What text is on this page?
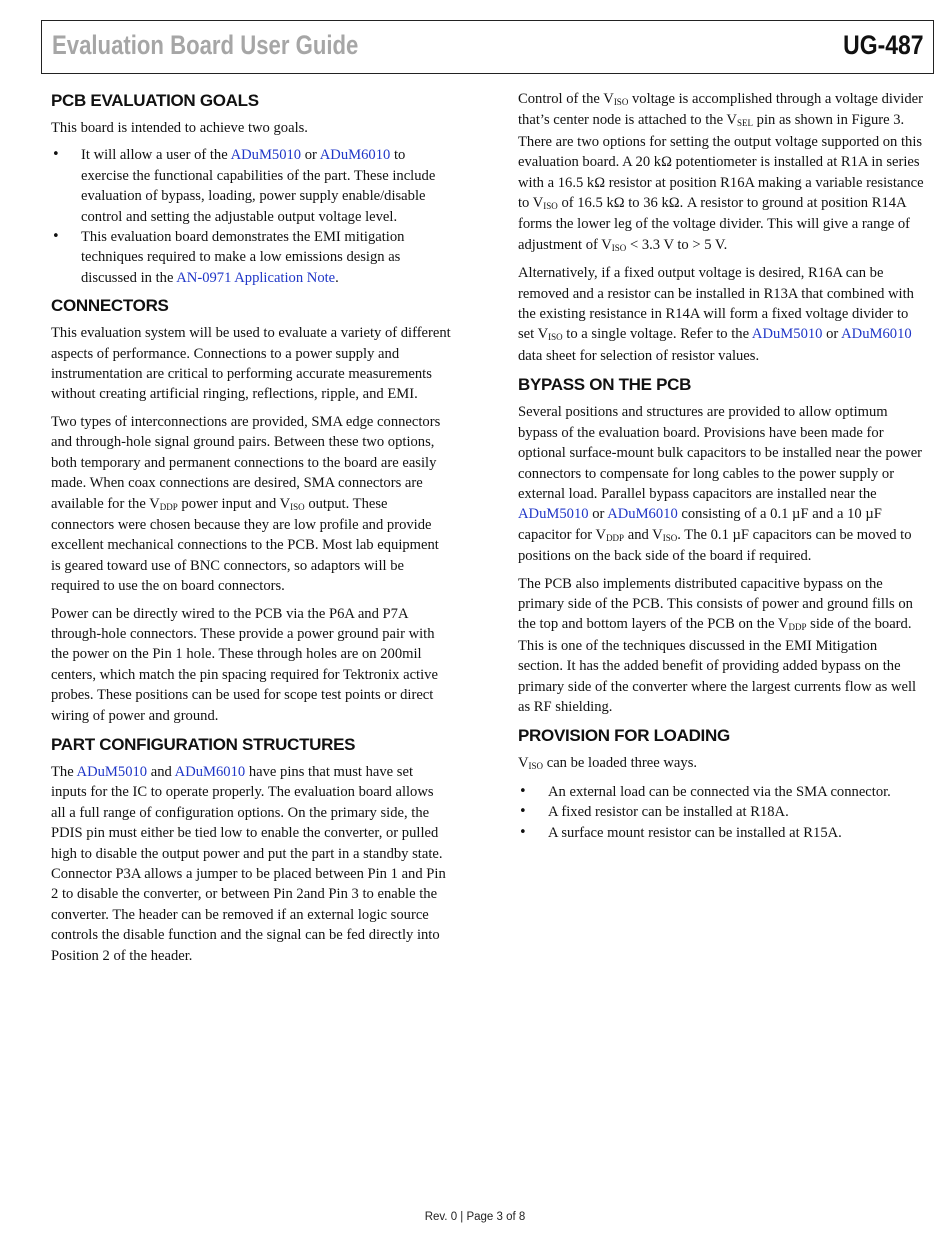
Evaluation Board User Guide	UG-487
PCB EVALUATION GOALS

This board is intended to achieve two goals.

• It will allow a user of the ADuM5010 or ADuM6010 to exercise the functional capabilities of the part. These include evaluation of bypass, loading, power supply enable/disable control and setting the adjustable output voltage level.
• This evaluation board demonstrates the EMI mitigation techniques required to make a low emissions design as discussed in the AN-0971 Application Note.
CONNECTORS

This evaluation system will be used to evaluate a variety of different aspects of performance. Connections to a power supply and instrumentation are critical to performing accurate measurements without creating artificial ringing, reflections, ripple, and EMI.

Two types of interconnections are provided, SMA edge connectors and through-hole signal ground pairs. Between these two options, both temporary and permanent connections to the board are easily made. When coax connections are desired, SMA connectors are available for the $V_{DDP}$ power input and $V_{ISO}$ output. These connectors were chosen because they are low profile and provide excellent mechanical connections to the PCB. Most lab equipment is geared toward use of BNC connectors, so adaptors will be required to use the on board connectors.

Power can be directly wired to the PCB via the P6A and P7A through-hole connectors. These provide a power ground pair with the power on the Pin 1 hole. These through holes are on 200mil centers, which match the pin spacing required for Tektronix active probes. These positions can be used for scope test points or direct wiring of power and ground.

PART CONFIGURATION STRUCTURES

The ADuM5010 and ADuM6010 have pins that must have set inputs for the IC to operate properly. The evaluation board allows all a full range of configuration options. On the primary side, the PDIS pin must either be tied low to enable the converter, or pulled high to disable the output power and put the part in a standby state. Connector P3A allows a jumper to be placed between Pin 1 and Pin 2 to disable the converter, or between Pin 2and Pin 3 to enable the converter. The header can be removed if an external logic source controls the disable function and the signal can be fed directly into Position 2 of the header.

Control of the $V_{ISO}$ voltage is accomplished through a voltage divider that’s center node is attached to the $V_{SEL}$ pin as shown in Figure 3. There are two options for setting the output voltage supported on this evaluation board. A 20 kΩ potentiometer is installed at R1A in series with a 16.5 kΩ resistor at position R16A making a variable resistance to $V_{ISO}$ of 16.5 kΩ to 36 kΩ. A resistor to ground at position R14A forms the lower leg of the voltage divider. This will give a range of adjustment of $V_{ISO} < 3.3$ V to > 5 V.

Alternatively, if a fixed output voltage is desired, R16A can be removed and a resistor can be installed in R13A that combined with the existing resistance in R14A will form a fixed voltage divider to set $V_{ISO}$ to a single voltage. Refer to the ADuM5010 or ADuM6010 data sheet for selection of resistor values.

BYPASS ON THE PCB

Several positions and structures are provided to allow optimum bypass of the evaluation board. Provisions have been made for optional surface-mount bulk capacitors to be installed near the power connectors to compensate for long cables to the power supply or external load. Parallel bypass capacitors are installed near the ADuM5010 or ADuM6010 consisting of a 0.1 µF and a 10 µF capacitor for $V_{DDP}$ and $V_{ISO}$. The 0.1 µF capacitors can be moved to positions on the back side of the board if required.

The PCB also implements distributed capacitive bypass on the primary side of the PCB. This consists of power and ground fills on the top and bottom layers of the PCB on the $V_{DDP}$ side of the board. This is one of the techniques discussed in the EMI Mitigation section. It has the added benefit of providing added bypass on the primary side of the converter where the largest currents flow as well as RF shielding.

PROVISION FOR LOADING

$V_{ISO}$ can be loaded three ways.

• An external load can be connected via the SMA connector.
• A fixed resistor can be installed at R18A.
• A surface mount resistor can be installed at R15A.
Rev. 0 | Page 3 of 8
